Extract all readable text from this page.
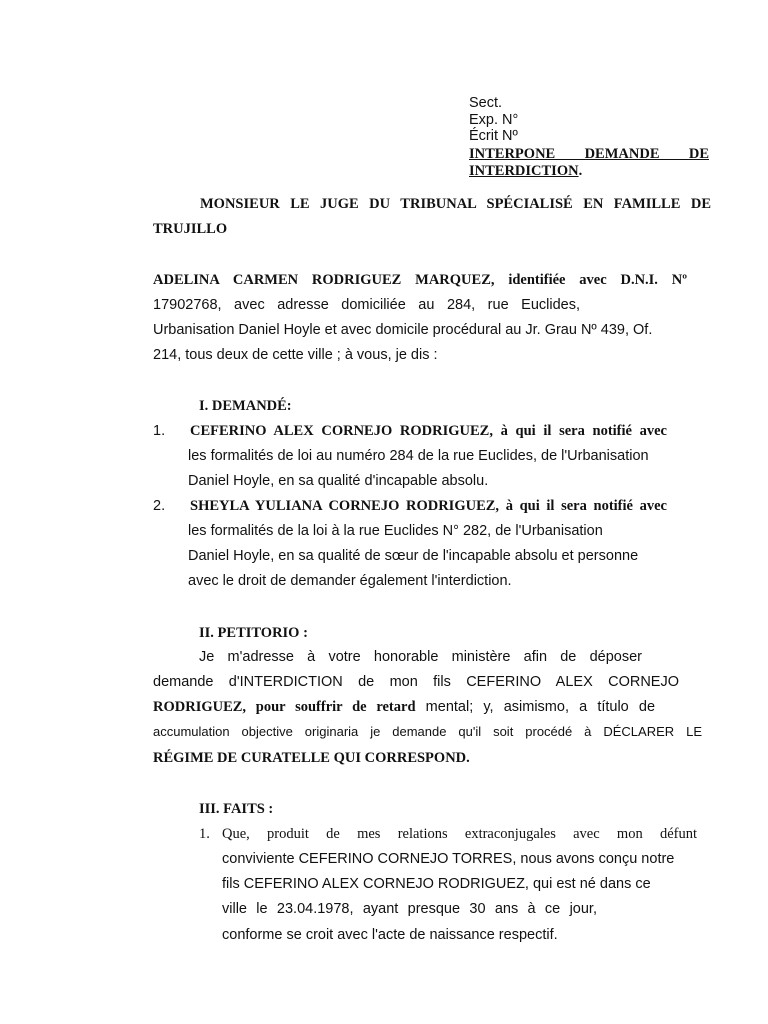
Sect.
Exp. N°
Écrit Nº
INTERPONE DEMANDE DE
INTERDICTION.
MONSIEUR LE JUGE DU TRIBUNAL SPÉCIALISÉ EN FAMILLE DE
TRUJILLO
ADELINA CARMEN RODRIGUEZ MARQUEZ, identifiée avec D.N.I. Nº
17902768, avec adresse domiciliée au 284, rue Euclides,
Urbanisation Daniel Hoyle et avec domicile procédural au Jr. Grau Nº 439, Of.
214, tous deux de cette ville ; à vous, je dis :
I. DEMANDÉ:
1. CEFERINO ALEX CORNEJO RODRIGUEZ, à qui il sera notifié avec
les formalités de loi au numéro 284 de la rue Euclides, de l'Urbanisation
Daniel Hoyle, en sa qualité d'incapable absolu.
2. SHEYLA YULIANA CORNEJO RODRIGUEZ, à qui il sera notifié avec
les formalités de la loi à la rue Euclides N° 282, de l'Urbanisation
Daniel Hoyle, en sa qualité de sœur de l'incapable absolu et personne
avec le droit de demander également l'interdiction.
II. PETITORIO :
Je m'adresse à votre honorable ministère afin de déposer
demande d'INTERDICTION de mon fils CEFERINO ALEX CORNEJO
RODRIGUEZ, pour souffrir de retard mental; y, asimismo, a título de
accumulation objective originaria je demande qu'il soit procédé à DÉCLARER LE
RÉGIME DE CURATELLE QUI CORRESPOND.
III. FAITS :
1. Que, produit de mes relations extraconjugales avec mon défunt
conviviente CEFERINO CORNEJO TORRES, nous avons conçu notre
fils CEFERINO ALEX CORNEJO RODRIGUEZ, qui est né dans ce
ville le 23.04.1978, ayant presque 30 ans à ce jour,
conforme se croit avec l'acte de naissance respectif.
